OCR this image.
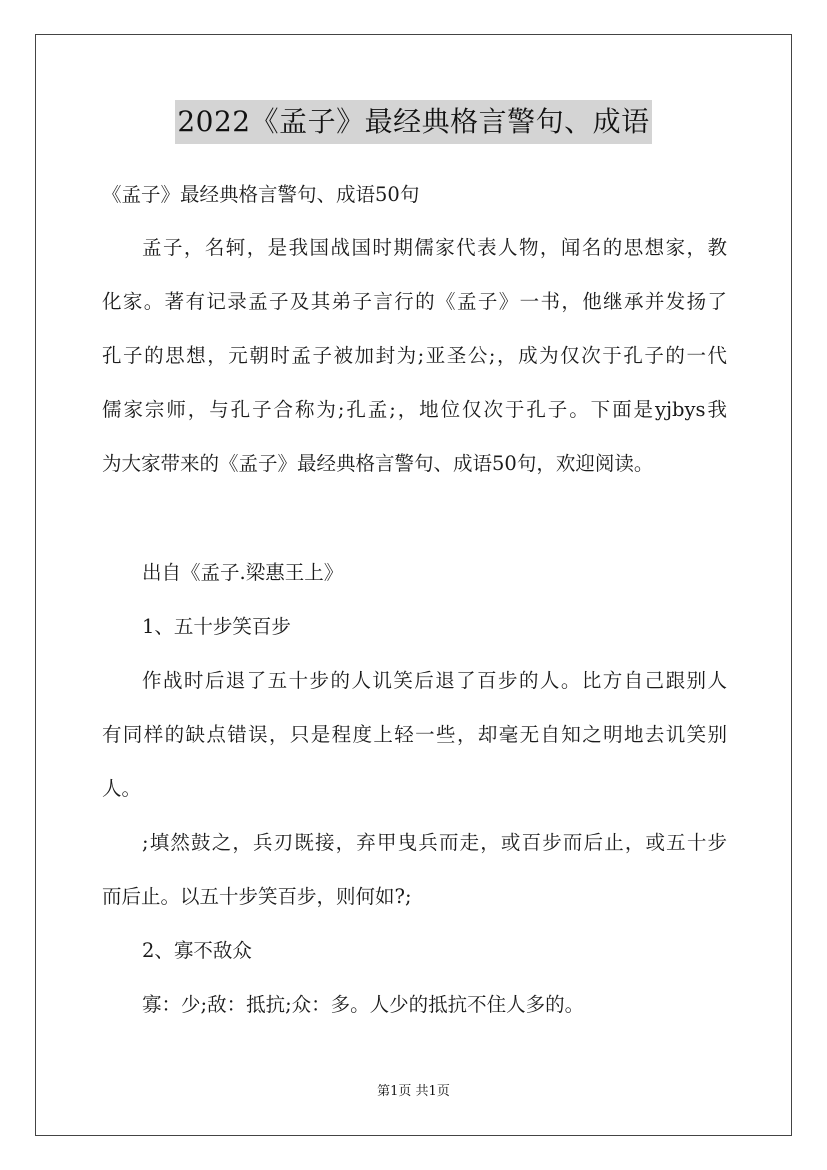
2022《孟子》最经典格言警句、成语
《孟子》最经典格言警句、成语50句
孟子，名轲，是我国战国时期儒家代表人物，闻名的思想家，教
化家。著有记录孟子及其弟子言行的《孟子》一书，他继承并发扬了
孔子的思想，元朝时孟子被加封为;亚圣公;，成为仅次于孔子的一代
儒家宗师，与孔子合称为;孔孟;，地位仅次于孔子。下面是yjbys我
为大家带来的《孟子》最经典格言警句、成语50句，欢迎阅读。
出自《孟子.梁惠王上》
1、五十步笑百步
作战时后退了五十步的人讥笑后退了百步的人。比方自己跟别人
有同样的缺点错误，只是程度上轻一些，却毫无自知之明地去讥笑别
人。
;填然鼓之，兵刃既接，弃甲曳兵而走，或百步而后止，或五十步
而后止。以五十步笑百步，则何如?;
2、寡不敌众
寡：少;敌：抵抗;众：多。人少的抵抗不住人多的。
第1页 共1页
